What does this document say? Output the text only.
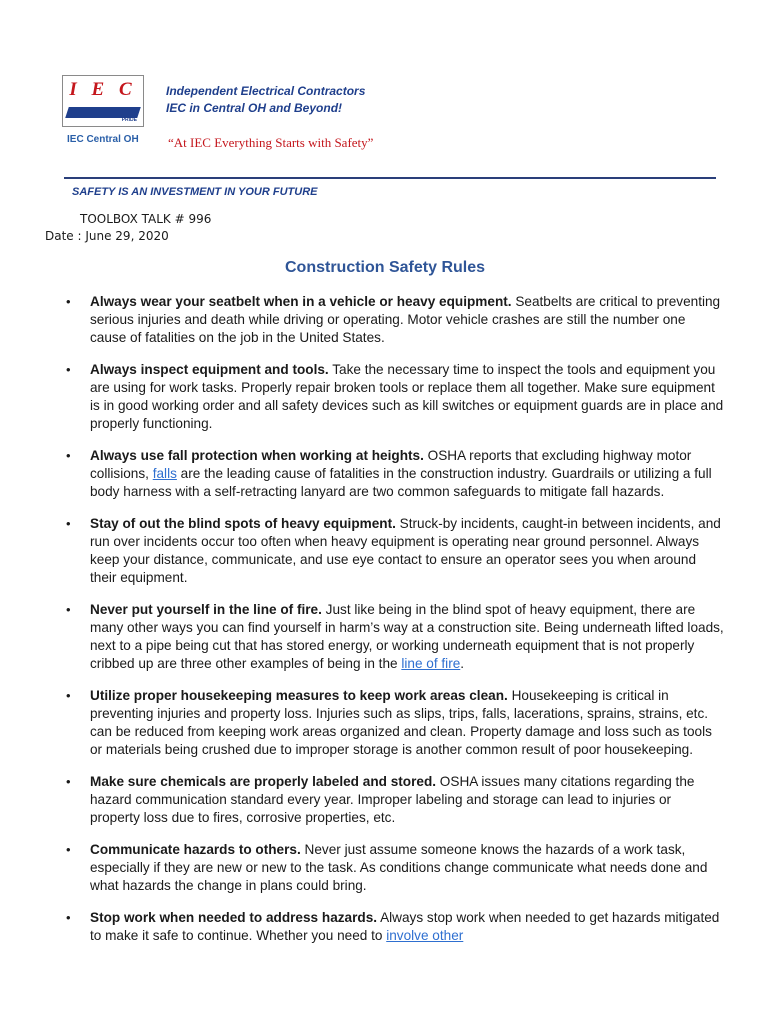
I E C
PRIDE
IEC Central OH
Independent Electrical Contractors
IEC in Central OH and Beyond!
“At IEC Everything Starts with Safety”
SAFETY IS AN INVESTMENT IN YOUR FUTURE
TOOLBOX TALK # 996
Date : June 29, 2020
Construction Safety Rules
• Always wear your seatbelt when in a vehicle or heavy equipment. Seatbelts are critical to preventing serious injuries and death while driving or operating. Motor vehicle crashes are still the number one cause of fatalities on the job in the United States.
• Always inspect equipment and tools. Take the necessary time to inspect the tools and equipment you are using for work tasks. Properly repair broken tools or replace them all together. Make sure equipment is in good working order and all safety devices such as kill switches or equipment guards are in place and properly functioning.
• Always use fall protection when working at heights. OSHA reports that excluding highway motor collisions, falls are the leading cause of fatalities in the construction industry. Guardrails or utilizing a full body harness with a self-retracting lanyard are two common safeguards to mitigate fall hazards.
• Stay of out the blind spots of heavy equipment. Struck-by incidents, caught-in between incidents, and run over incidents occur too often when heavy equipment is operating near ground personnel. Always keep your distance, communicate, and use eye contact to ensure an operator sees you when around their equipment.
• Never put yourself in the line of fire. Just like being in the blind spot of heavy equipment, there are many other ways you can find yourself in harm’s way at a construction site. Being underneath lifted loads, next to a pipe being cut that has stored energy, or working underneath equipment that is not properly cribbed up are three other examples of being in the line of fire.
• Utilize proper housekeeping measures to keep work areas clean. Housekeeping is critical in preventing injuries and property loss. Injuries such as slips, trips, falls, lacerations, sprains, strains, etc. can be reduced from keeping work areas organized and clean. Property damage and loss such as tools or materials being crushed due to improper storage is another common result of poor housekeeping.
• Make sure chemicals are properly labeled and stored. OSHA issues many citations regarding the hazard communication standard every year. Improper labeling and storage can lead to injuries or property loss due to fires, corrosive properties, etc.
• Communicate hazards to others. Never just assume someone knows the hazards of a work task, especially if they are new or new to the task. As conditions change communicate what needs done and what hazards the change in plans could bring.
• Stop work when needed to address hazards. Always stop work when needed to get hazards mitigated to make it safe to continue. Whether you need to involve other
